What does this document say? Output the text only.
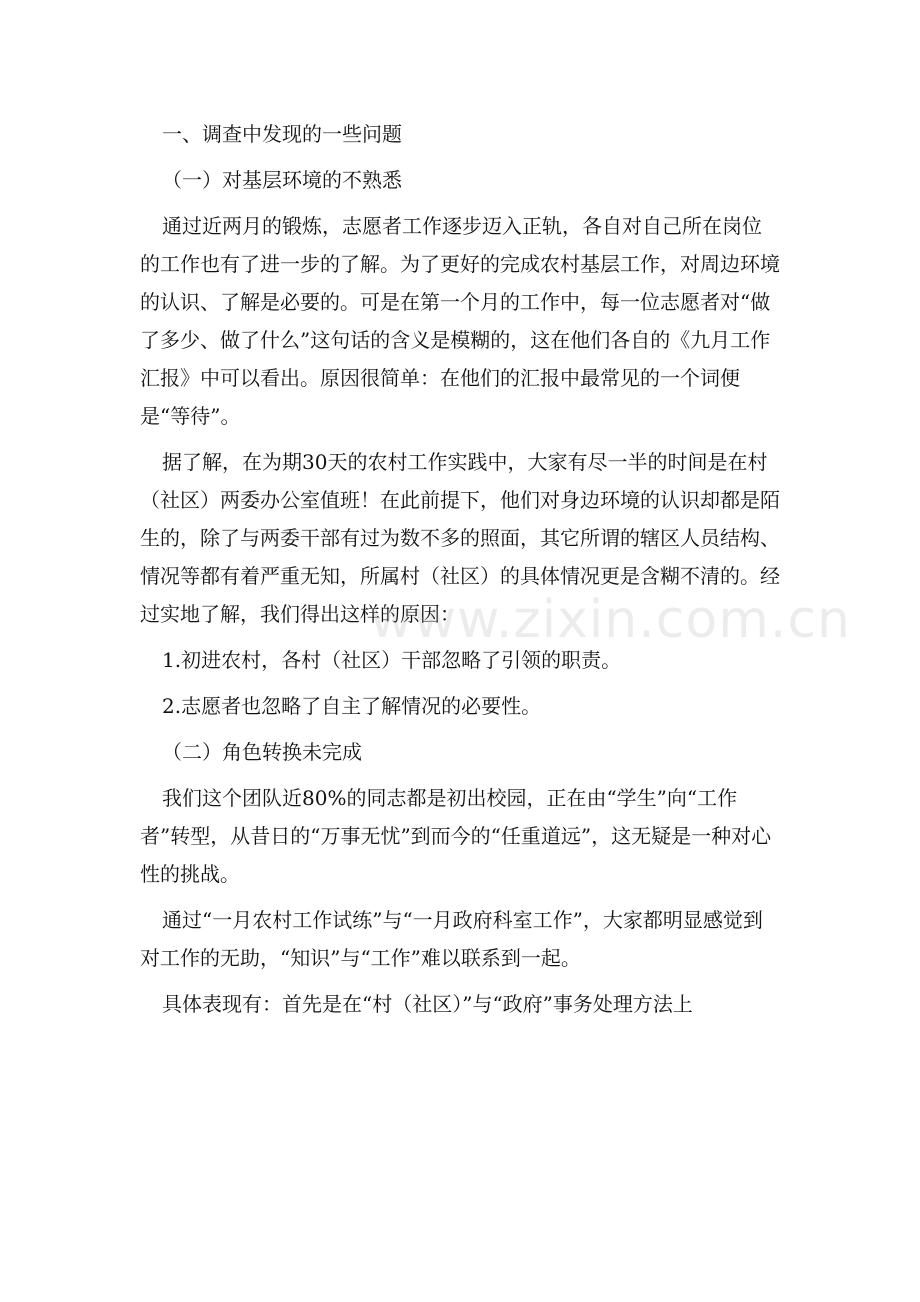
一、调查中发现的一些问题

（一）对基层环境的不熟悉

通过近两月的锻炼，志愿者工作逐步迈入正轨，各自对自己所在岗位的工作也有了进一步的了解。为了更好的完成农村基层工作，对周边环境的认识、了解是必要的。可是在第一个月的工作中，每一位志愿者对“做了多少、做了什么”这句话的含义是模糊的，这在他们各自的《九月工作汇报》中可以看出。原因很简单：在他们的汇报中最常见的一个词便是“等待”。

据了解，在为期30天的农村工作实践中，大家有尽一半的时间是在村（社区）两委办公室值班！在此前提下，他们对身边环境的认识却都是陌生的，除了与两委干部有过为数不多的照面，其它所谓的辖区人员结构、情况等都有着严重无知，所属村（社区）的具体情况更是含糊不清的。经过实地了解，我们得出这样的原因：

1.初进农村，各村（社区）干部忽略了引领的职责。

2.志愿者也忽略了自主了解情况的必要性。

（二）角色转换未完成

我们这个团队近80%的同志都是初出校园，正在由“学生”向“工作者”转型，从昔日的“万事无忧”到而今的“任重道远”，这无疑是一种对心性的挑战。

通过“一月农村工作试练”与“一月政府科室工作”，大家都明显感觉到对工作的无助，“知识”与“工作”难以联系到一起。

具体表现有：首先是在“村（社区）”与“政府”事务处理方法上

www.zixin.com.cn
